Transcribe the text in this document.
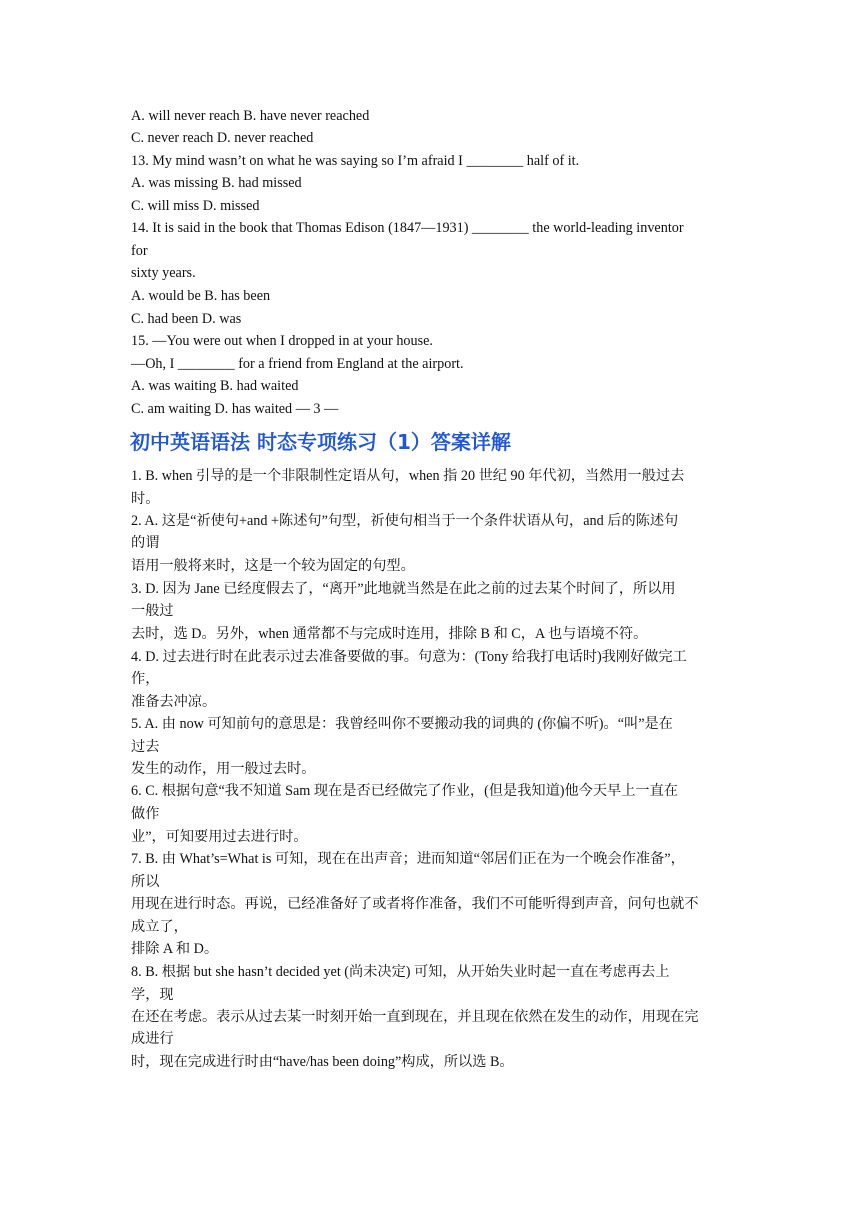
A. will never reach B. have never reached
C. never reach D. never reached
13. My mind wasn’t on what he was saying so I’m afraid I ________ half of it.
A. was missing B. had missed
C. will miss D. missed
14. It is said in the book that Thomas Edison (1847—1931) ________ the world-leading inventor
for
sixty years.
A. would be B. has been
C. had been D. was
15. —You were out when I dropped in at your house.
—Oh, I ________ for a friend from England at the airport.
A. was waiting B. had waited
C. am waiting D. has waited — 3 —
初中英语语法 时态专项练习（1）答案详解
1. B. when 引导的是一个非限制性定语从句，when 指 20 世纪 90 年代初，当然用一般过去
时。
2. A. 这是“祈使句+and +陈述句”句型，祈使句相当于一个条件状语从句，and 后的陈述句
的谓
语用一般将来时，这是一个较为固定的句型。
3. D. 因为 Jane 已经度假去了，“离开”此地就当然是在此之前的过去某个时间了，所以用
一般过
去时，选 D。另外，when 通常都不与完成时连用，排除 B 和 C，A 也与语境不符。
4. D. 过去进行时在此表示过去准备要做的事。句意为：(Tony 给我打电话时)我刚好做完工
作，
准备去冲凉。
5. A. 由 now 可知前句的意思是：我曾经叫你不要搬动我的词典的 (你偏不听)。“叫”是在
过去
发生的动作，用一般过去时。
6. C. 根据句意“我不知道 Sam 现在是否已经做完了作业，(但是我知道)他今天早上一直在
做作
业”，可知要用过去进行时。
7. B. 由 What’s=What is 可知，现在在出声音；进而知道“邻居们正在为一个晚会作准备”，
所以
用现在进行时态。再说，已经准备好了或者将作准备，我们不可能听得到声音，问句也就不
成立了，
排除 A 和 D。
8. B. 根据 but she hasn’t decided yet (尚未决定) 可知，从开始失业时起一直在考虑再去上
学，现
在还在考虑。表示从过去某一时刻开始一直到现在，并且现在依然在发生的动作，用现在完
成进行
时，现在完成进行时由“have/has been doing”构成，所以选 B。
